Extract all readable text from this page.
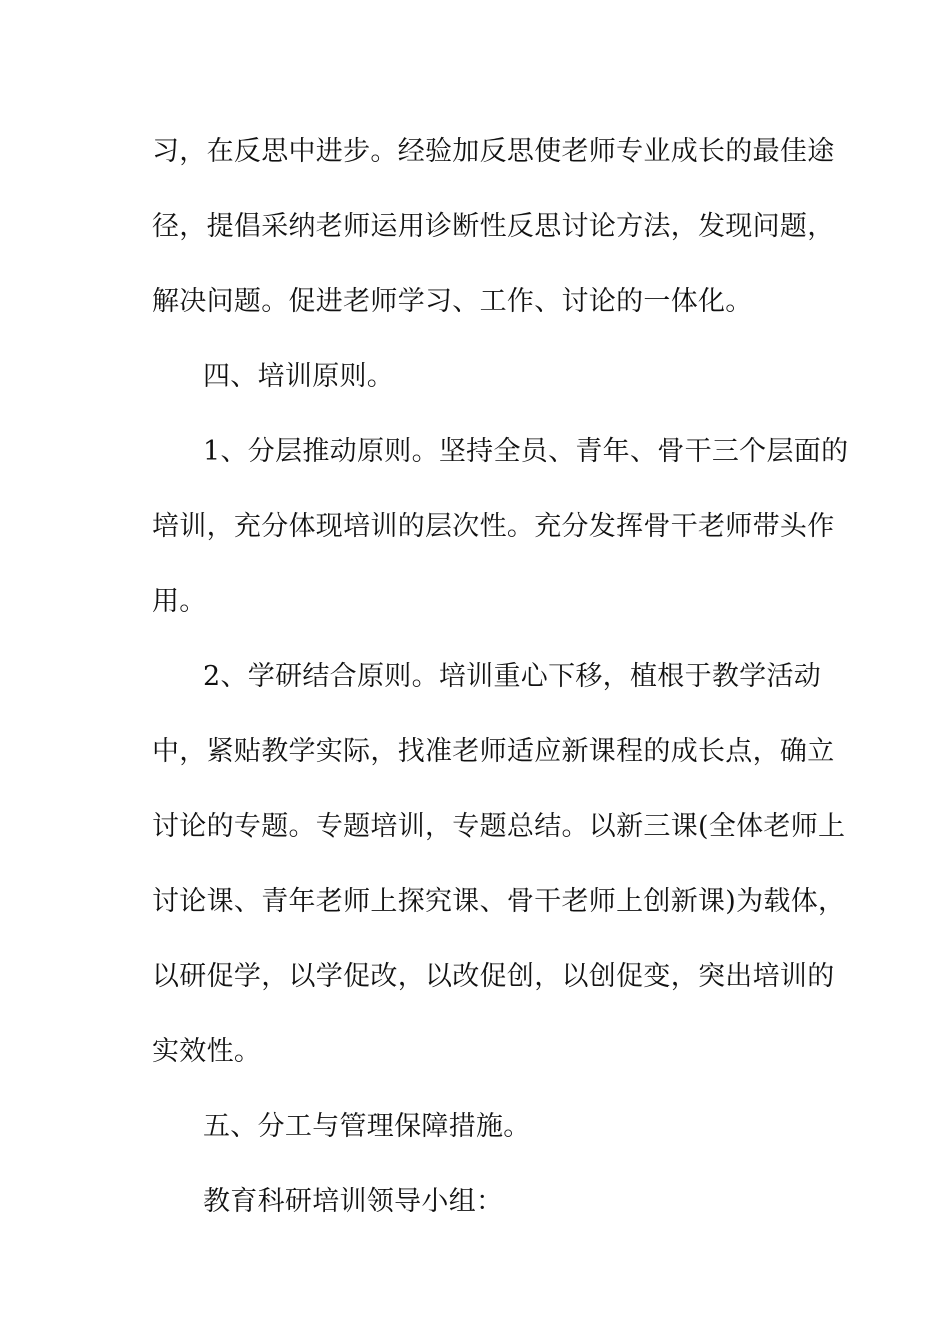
习，在反思中进步。经验加反思使老师专业成长的最佳途
径，提倡采纳老师运用诊断性反思讨论方法，发现问题，
解决问题。促进老师学习、工作、讨论的一体化。
四、培训原则。
1、分层推动原则。坚持全员、青年、骨干三个层面的
培训，充分体现培训的层次性。充分发挥骨干老师带头作
用。
2、学研结合原则。培训重心下移，植根于教学活动
中，紧贴教学实际，找准老师适应新课程的成长点，确立
讨论的专题。专题培训，专题总结。以新三课(全体老师上
讨论课、青年老师上探究课、骨干老师上创新课)为载体，
以研促学，以学促改，以改促创，以创促变，突出培训的
实效性。
五、分工与管理保障措施。
教育科研培训领导小组：
